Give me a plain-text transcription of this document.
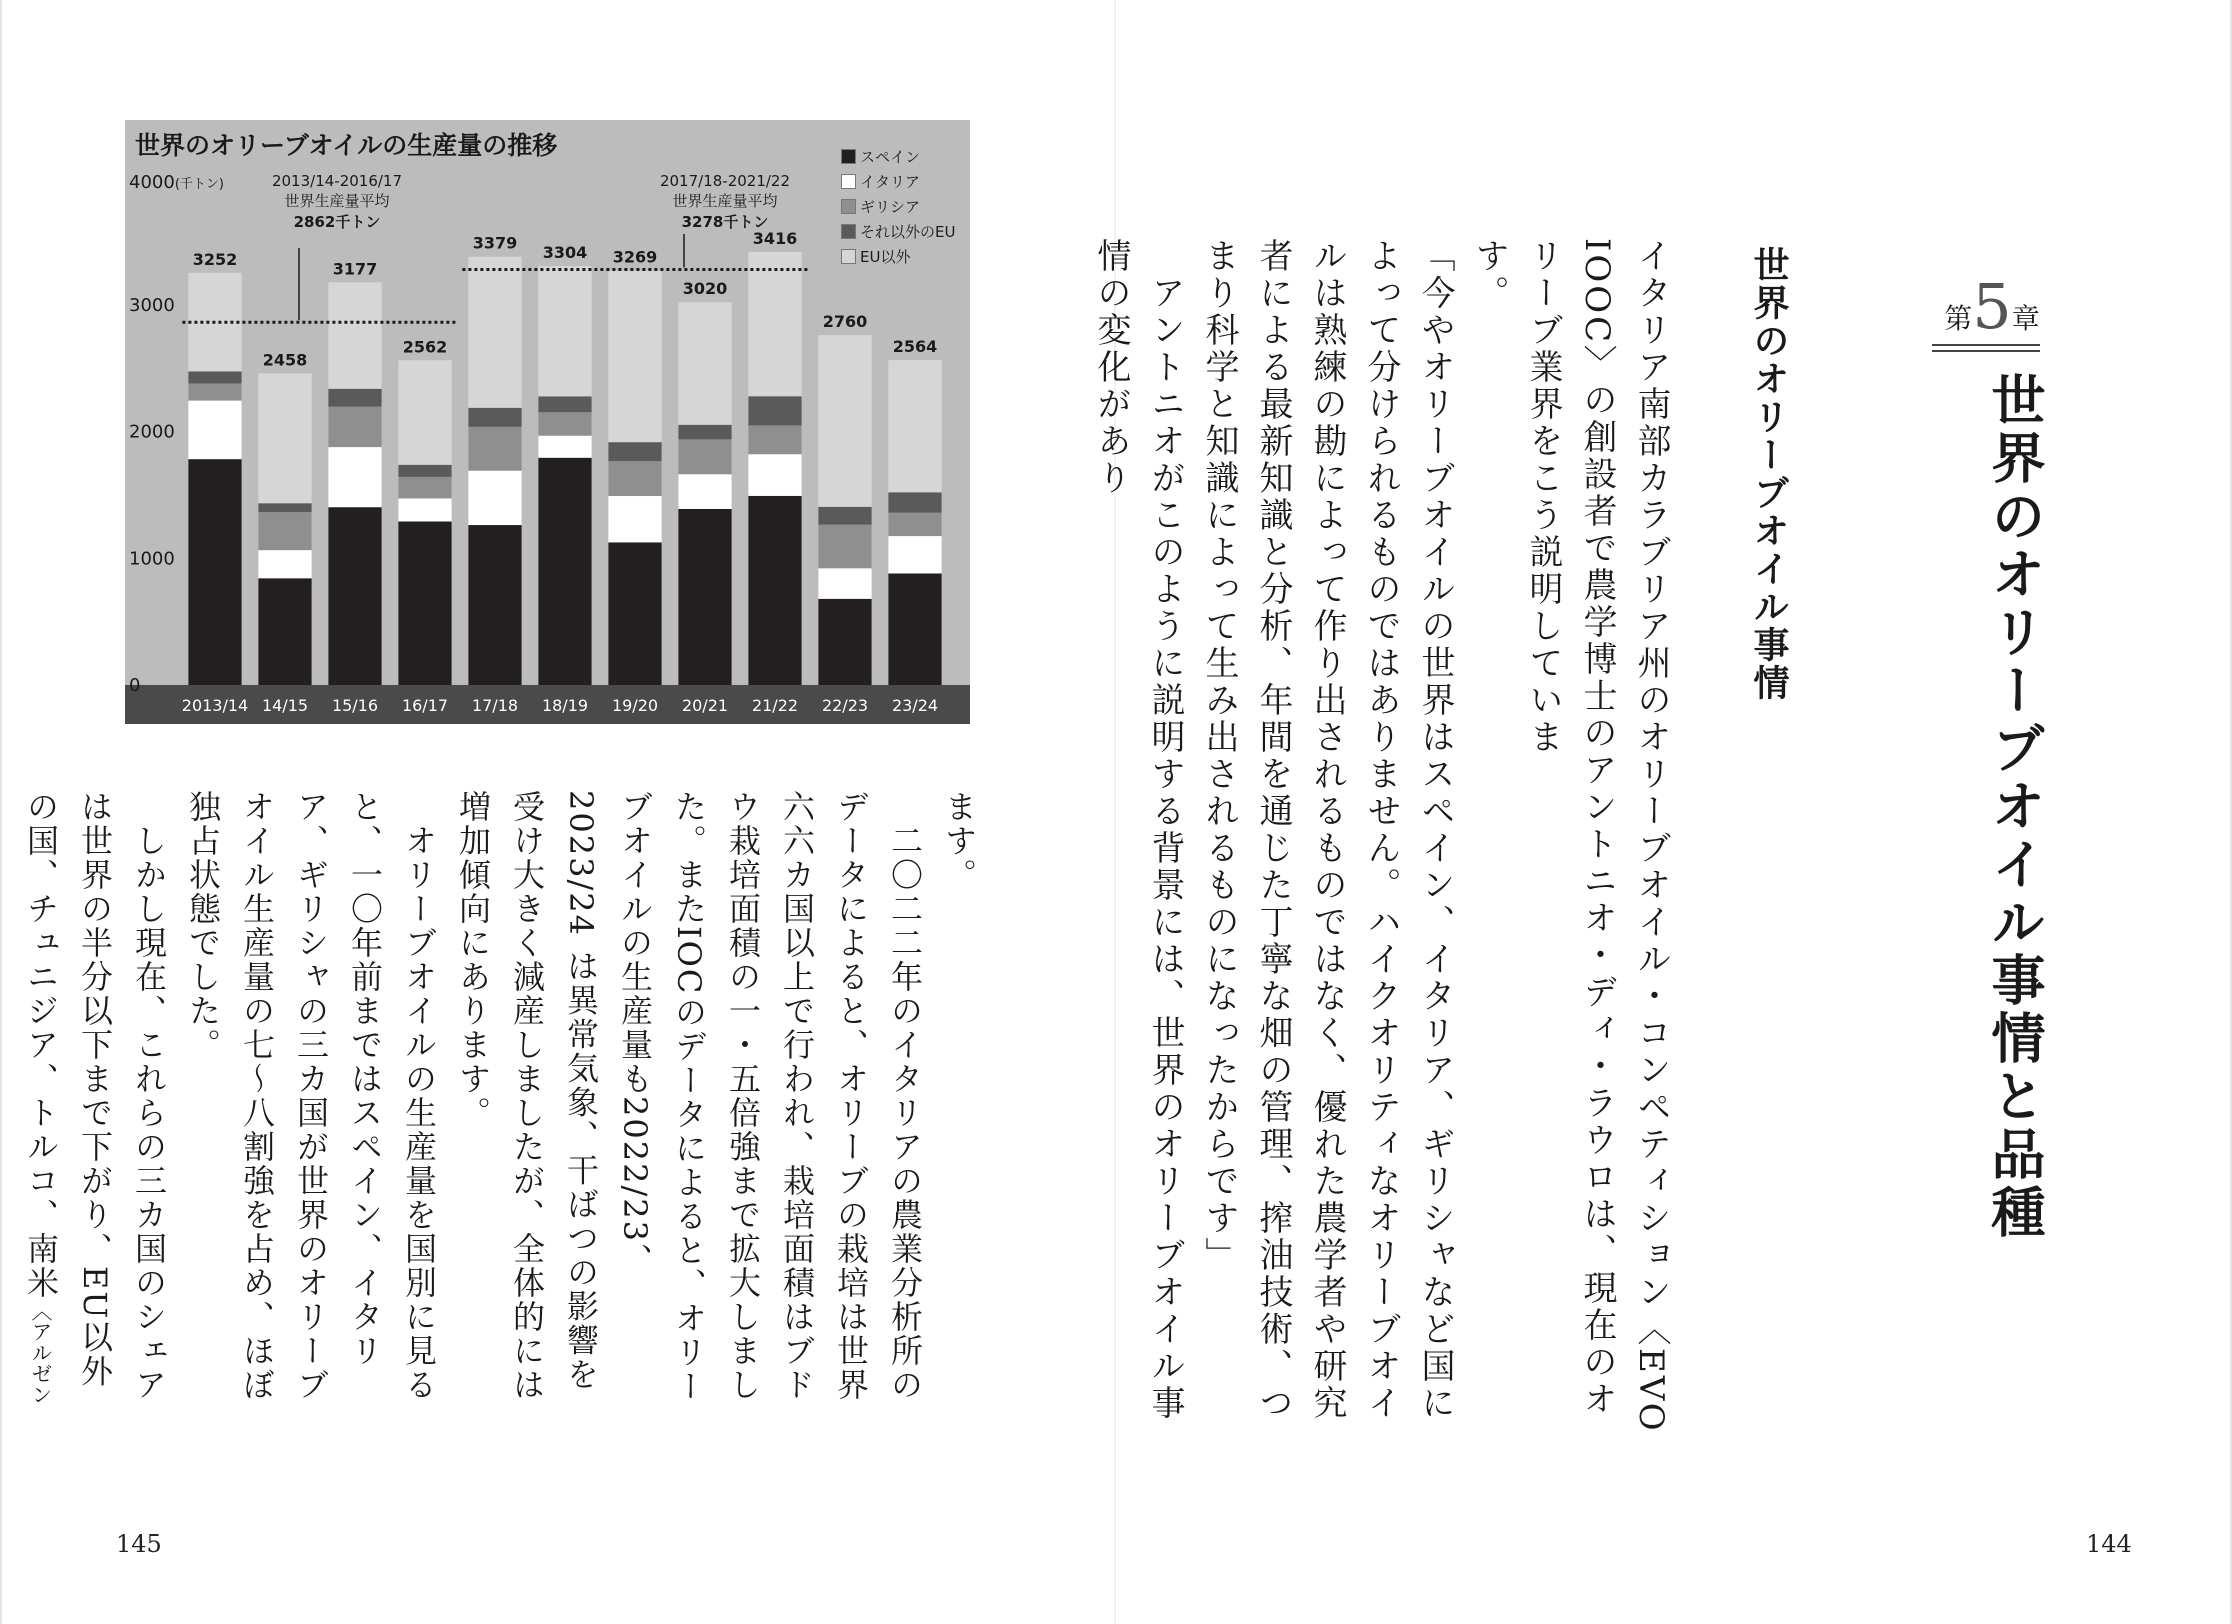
第5章
世界のオリーブオイル事情と品種
世界のオリーブオイル事情

イタリア南部カラブリア州のオリーブオイル・コンペティション〈EVO IOOC〉の創設者で農学博士のアントニオ・ディ・ラウロは、現在のオリーブ業界をこう説明していま
す。
「今やオリーブオイルの世界はスペイン、イタリア、ギリシャなど国によって分けられるものではありません。ハイクオリティなオリーブオイルは熟練の勘によって作り出されるものではなく、優れた農学者や研究者による最新知識と分析、年間を通じた丁寧な畑の管理、搾油技術、つまり科学と知識によって生み出されるものになったからです」
　アントニオがこのように説明する背景には、世界のオリーブオイル事情の変化があり

144
0
1000
2000
3000
3252
2013/14
2458
14/15
3177
15/16
2562
16/17
3379
17/18
3304
18/19
3269
19/20
3020
20/21
3416
21/22
2760
22/23
2564
23/24
世界のオリーブオイルの生産量の推移
4000(千トン)	2013/14-2016/17
世界生産量平均
2862千トン
2017/18-2021/22
世界生産量平均
3278千トン
スペイン
イタリア
ギリシア
それ以外のEU
EU以外

ます。
　二〇二二年のイタリアの農業分析所のデータによると、オリーブの栽培は世界六六カ国以上で行われ、栽培面積はブドウ栽培面積の一・五倍強まで拡大しました。またIOCのデータによると、オリーブオイルの生産量も2022/23、2023/24 は異常気象、干ばつの影響を受け大きく減産しましたが、全体的には増加傾向にあります。
　オリーブオイルの生産量を国別に見ると、一〇年前まではスペイン、イタリア、ギリシャの三カ国が世界のオリーブオイル生産量の七～八割強を占め、ほぼ独占状態でした。
　しかし現在、これらの三カ国のシェアは世界の半分以下まで下がり、EU以外の国、チュニジア、トルコ、南米〈アルゼン

145
